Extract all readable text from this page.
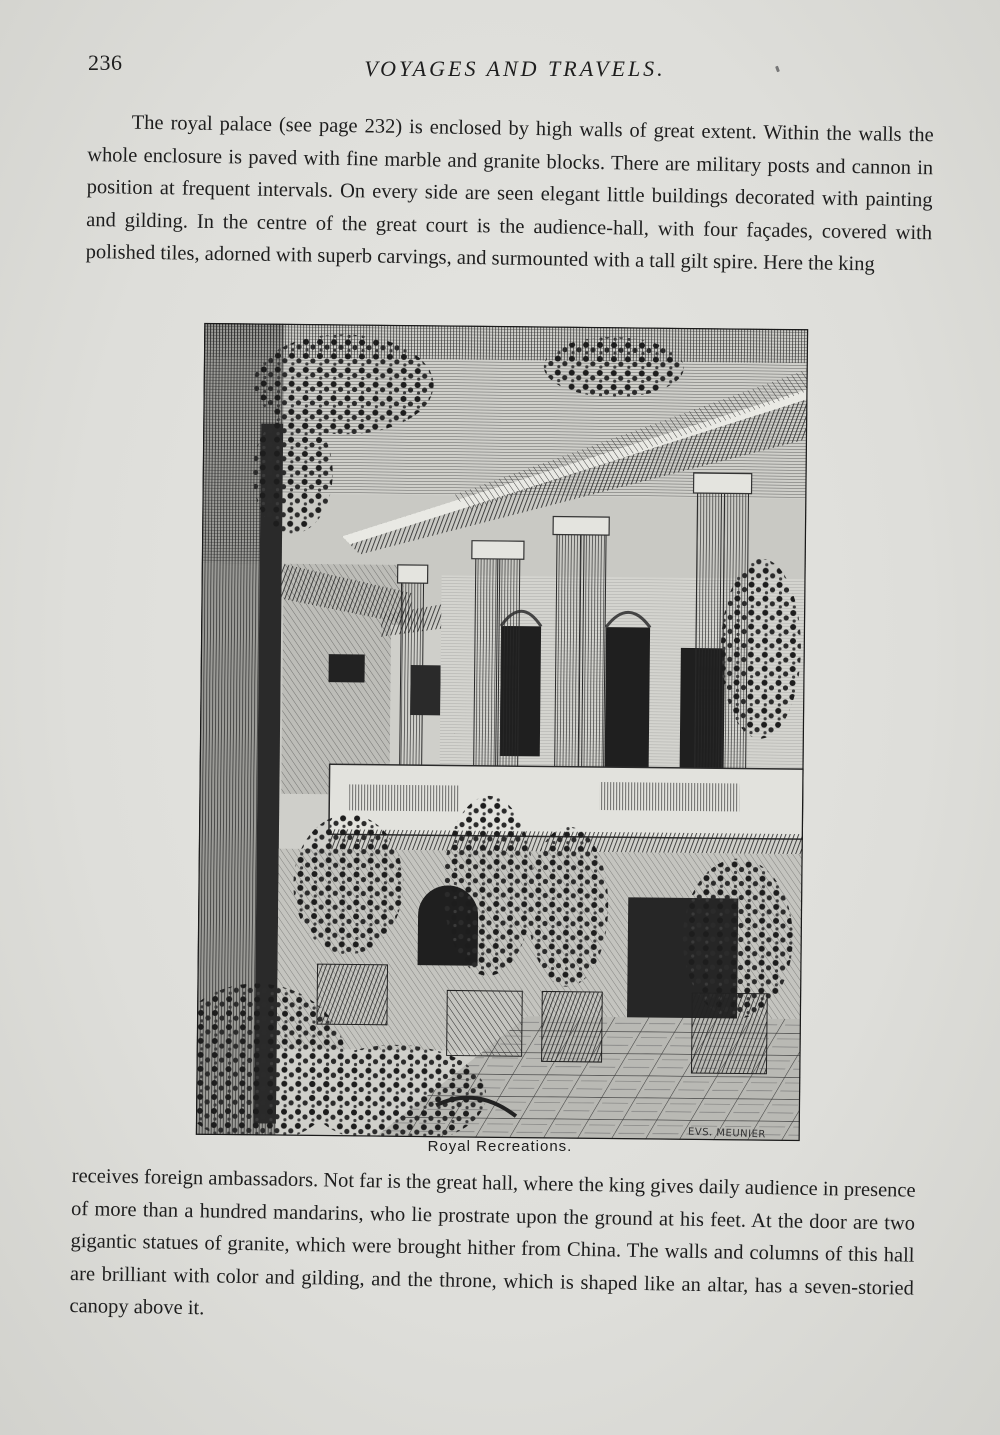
236	VOYAGES AND TRAVELS.

The royal palace (see page 232) is enclosed by high walls of great extent. Within the walls the whole enclosure is paved with fine marble and granite blocks. There are military posts and cannon in position at frequent intervals. On every side are seen elegant little buildings decorated with painting and gilding. In the centre of the great court is the audience-hall, with four façades, covered with polished tiles, adorned with superb carvings, and surmounted with a tall gilt spire. Here the king

EVS. MEUNIER
Royal Recreations.

receives foreign ambassadors. Not far is the great hall, where the king gives daily audience in presence of more than a hundred mandarins, who lie prostrate upon the ground at his feet. At the door are two gigantic statues of granite, which were brought hither from China. The walls and columns of this hall are brilliant with color and gilding, and the throne, which is shaped like an altar, has a seven-storied canopy above it.
